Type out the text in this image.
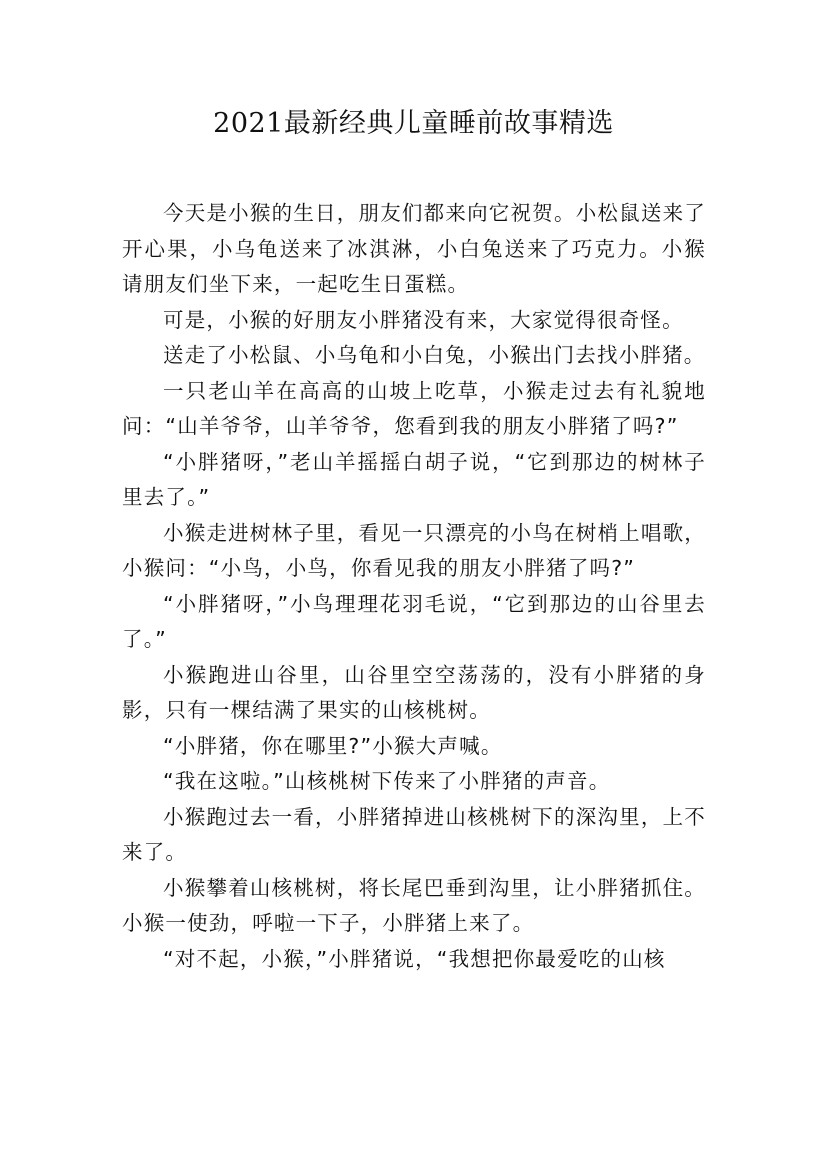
2021最新经典儿童睡前故事精选

今天是小猴的生日，朋友们都来向它祝贺。小松鼠送来了开心果，小乌龟送来了冰淇淋，小白兔送来了巧克力。小猴请朋友们坐下来，一起吃生日蛋糕。

可是，小猴的好朋友小胖猪没有来，大家觉得很奇怪。

送走了小松鼠、小乌龟和小白兔，小猴出门去找小胖猪。

一只老山羊在高高的山坡上吃草，小猴走过去有礼貌地问：“山羊爷爷，山羊爷爷，您看到我的朋友小胖猪了吗?”

“小胖猪呀，”老山羊摇摇白胡子说，“它到那边的树林子里去了。”

小猴走进树林子里，看见一只漂亮的小鸟在树梢上唱歌，小猴问：“小鸟，小鸟，你看见我的朋友小胖猪了吗?”

“小胖猪呀，”小鸟理理花羽毛说，“它到那边的山谷里去了。”

小猴跑进山谷里，山谷里空空荡荡的，没有小胖猪的身影，只有一棵结满了果实的山核桃树。

“小胖猪，你在哪里?”小猴大声喊。

“我在这啦。”山核桃树下传来了小胖猪的声音。

小猴跑过去一看，小胖猪掉进山核桃树下的深沟里，上不来了。

小猴攀着山核桃树，将长尾巴垂到沟里，让小胖猪抓住。小猴一使劲，呼啦一下子，小胖猪上来了。

“对不起，小猴，”小胖猪说，“我想把你最爱吃的山核
